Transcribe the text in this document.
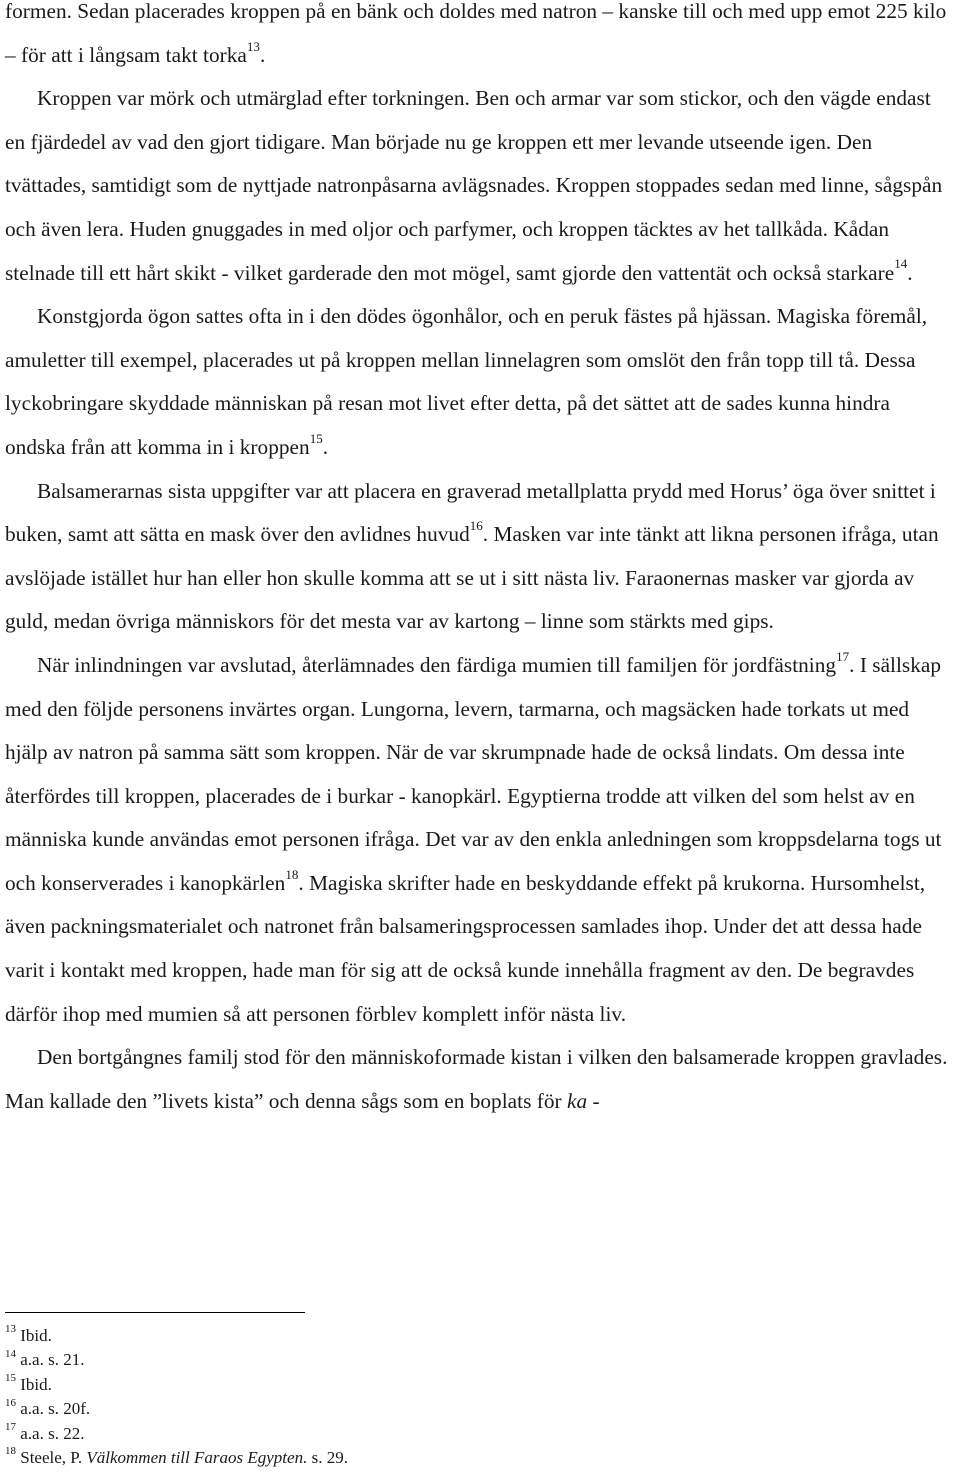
formen. Sedan placerades kroppen på en bänk och doldes med natron – kanske till och med upp emot 225 kilo – för att i långsam takt torka$^{13}$.

Kroppen var mörk och utmärglad efter torkningen. Ben och armar var som stickor, och den vägde endast en fjärdedel av vad den gjort tidigare. Man började nu ge kroppen ett mer levande utseende igen. Den tvättades, samtidigt som de nyttjade natronpåsarna avlägsnades. Kroppen stoppades sedan med linne, sågspån och även lera. Huden gnuggades in med oljor och parfymer, och kroppen täcktes av het tallkåda. Kådan stelnade till ett hårt skikt - vilket garderade den mot mögel, samt gjorde den vattentät och också starkare$^{14}$.

Konstgjorda ögon sattes ofta in i den dödes ögonhålor, och en peruk fästes på hjässan. Magiska föremål, amuletter till exempel, placerades ut på kroppen mellan linnelagren som omslöt den från topp till tå. Dessa lyckobringare skyddade människan på resan mot livet efter detta, på det sättet att de sades kunna hindra ondska från att komma in i kroppen$^{15}$.

Balsamerarnas sista uppgifter var att placera en graverad metallplatta prydd med Horus’ öga över snittet i buken, samt att sätta en mask över den avlidnes huvud$^{16}$. Masken var inte tänkt att likna personen ifråga, utan avslöjade istället hur han eller hon skulle komma att se ut i sitt nästa liv. Faraonernas masker var gjorda av guld, medan övriga människors för det mesta var av kartong – linne som stärkts med gips.

När inlindningen var avslutad, återlämnades den färdiga mumien till familjen för jordfästning$^{17}$. I sällskap med den följde personens invärtes organ. Lungorna, levern, tarmarna, och magsäcken hade torkats ut med hjälp av natron på samma sätt som kroppen. När de var skrumpnade hade de också lindats. Om dessa inte återfördes till kroppen, placerades de i burkar - kanopkärl. Egyptierna trodde att vilken del som helst av en människa kunde användas emot personen ifråga. Det var av den enkla anledningen som kroppsdelarna togs ut och konserverades i kanopkärlen$^{18}$. Magiska skrifter hade en beskyddande effekt på krukorna. Hursomhelst, även packningsmaterialet och natronet från balsameringsprocessen samlades ihop. Under det att dessa hade varit i kontakt med kroppen, hade man för sig att de också kunde innehålla fragment av den. De begravdes därför ihop med mumien så att personen förblev komplett inför nästa liv.

Den bortgångnes familj stod för den människoformade kistan i vilken den balsamerade kroppen gravlades. Man kallade den ”livets kista” och denna sågs som en boplats för ka -

$^{13}$ Ibid.
$^{14}$ a.a. s. 21.
$^{15}$ Ibid.
$^{16}$ a.a. s. 20f.
$^{17}$ a.a. s. 22.
$^{18}$ Steele, P. Välkommen till Faraos Egypten. s. 29.
